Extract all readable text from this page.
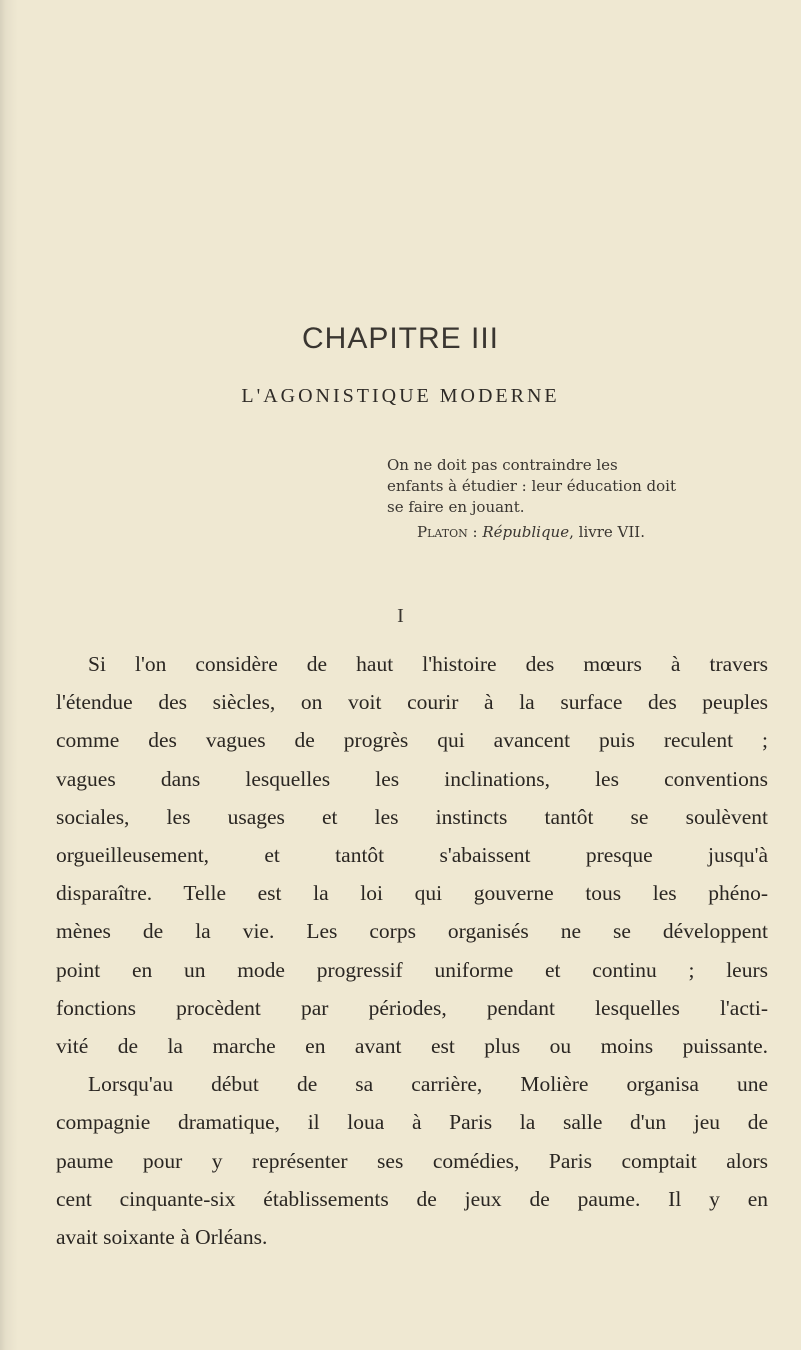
CHAPITRE III
L'AGONISTIQUE MODERNE

On ne doit pas contraindre les
enfants à étudier : leur éducation doit
se faire en jouant.

Platon : République, livre VII.

I
Si l'on considère de haut l'histoire des mœurs à travers
l'étendue des siècles, on voit courir à la surface des peuples
comme des vagues de progrès qui avancent puis reculent ;
vagues dans lesquelles les inclinations, les conventions
sociales, les usages et les instincts tantôt se soulèvent
orgueilleusement, et tantôt s'abaissent presque jusqu'à
disparaître. Telle est la loi qui gouverne tous les phéno-
mènes de la vie. Les corps organisés ne se développent
point en un mode progressif uniforme et continu ; leurs
fonctions procèdent par périodes, pendant lesquelles l'acti-
vité de la marche en avant est plus ou moins puissante.
Lorsqu'au début de sa carrière, Molière organisa une
compagnie dramatique, il loua à Paris la salle d'un jeu de
paume pour y représenter ses comédies, Paris comptait alors
cent cinquante-six établissements de jeux de paume. Il y en
avait soixante à Orléans.
